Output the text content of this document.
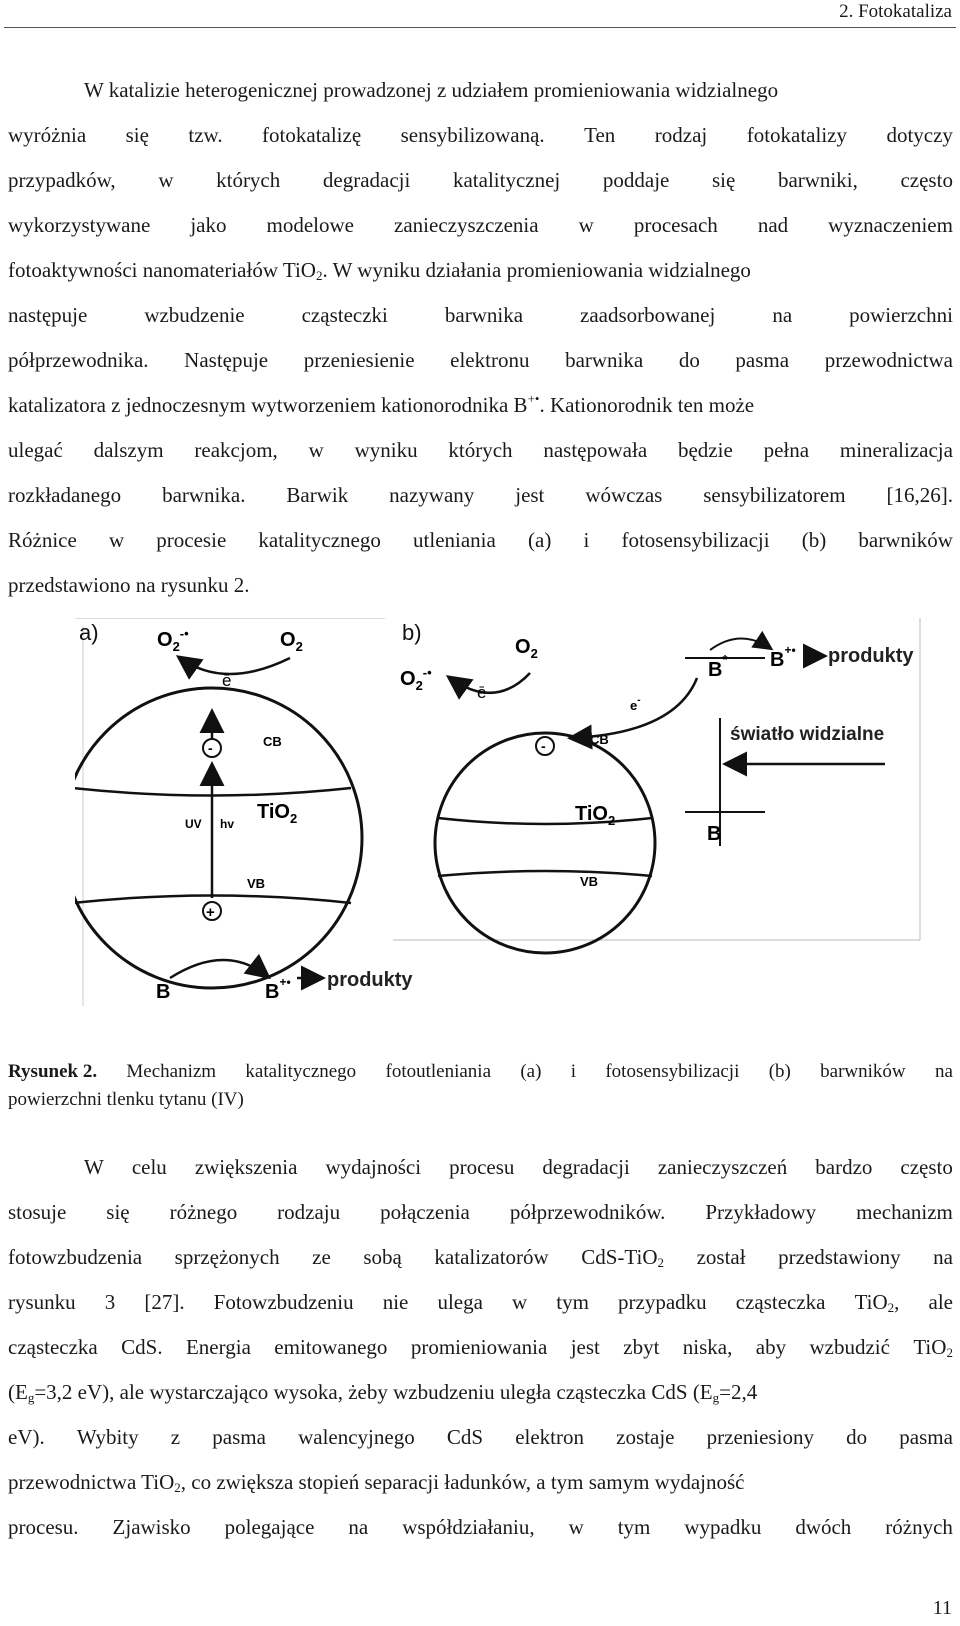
2. Fotokataliza
W katalizie heterogenicznej prowadzonej z udziałem promieniowania widzialnego
wyróżnia się tzw. fotokatalizę sensybilizowaną. Ten rodzaj fotokatalizy dotyczy
przypadków, w których degradacji katalitycznej poddaje się barwniki, często
wykorzystywane jako modelowe zanieczyszczenia w procesach nad wyznaczeniem
fotoaktywności nanomateriałów TiO$_2$. W wyniku działania promieniowania widzialnego
następuje	wzbudzenie	cząsteczki	barwnika	zaadsorbowanej	na	powierzchni
półprzewodnika. Następuje przeniesienie elektronu barwnika do pasma przewodnictwa
katalizatora z jednoczesnym wytworzeniem kationorodnika B+•. Kationorodnik ten może
ulegać dalszym reakcjom, w wyniku których następowała będzie pełna mineralizacja
rozkładanego barwnika. Barwik nazywany jest wówczas sensybilizatorem [16,26].
Różnice w procesie katalitycznego utleniania (a) i fotosensybilizacji (b) barwników
przedstawiono na rysunku 2.
a)	$O_2^{-•}$	$O_2$
ē
-	CB
UV hv
TiO$_2$
VB
+
B	B+• produkty
b)
$O_2$
$O_2^{-•}$
ē
-	CB
TiO$_2$
VB
e-
B* B+• produkty
światło widzialne
B
Rysunek 2. Mechanizm katalitycznego fotoutleniania (a) i fotosensybilizacji (b) barwników na
powierzchni tlenku tytanu (IV)
W celu zwiększenia wydajności procesu degradacji zanieczyszczeń bardzo często
stosuje się różnego rodzaju połączenia półprzewodników. Przykładowy mechanizm
fotowzbudzenia sprzężonych ze sobą katalizatorów CdS-TiO$_2$ został przedstawiony na
rysunku 3 [27]. Fotowzbudzeniu nie ulega w tym przypadku cząsteczka TiO$_2$, ale
cząsteczka CdS. Energia emitowanego promieniowania jest zbyt niska, aby wzbudzić TiO$_2$
($E_g=3,2$ eV), ale wystarczająco wysoka, żeby wzbudzeniu uległa cząsteczka CdS ($E_g=2,4$
eV). Wybity z pasma walencyjnego CdS elektron zostaje przeniesiony do pasma
przewodnictwa TiO$_2$, co zwiększa stopień separacji ładunków, a tym samym wydajność
procesu. Zjawisko polegające na współdziałaniu, w tym wypadku dwóch różnych
11
